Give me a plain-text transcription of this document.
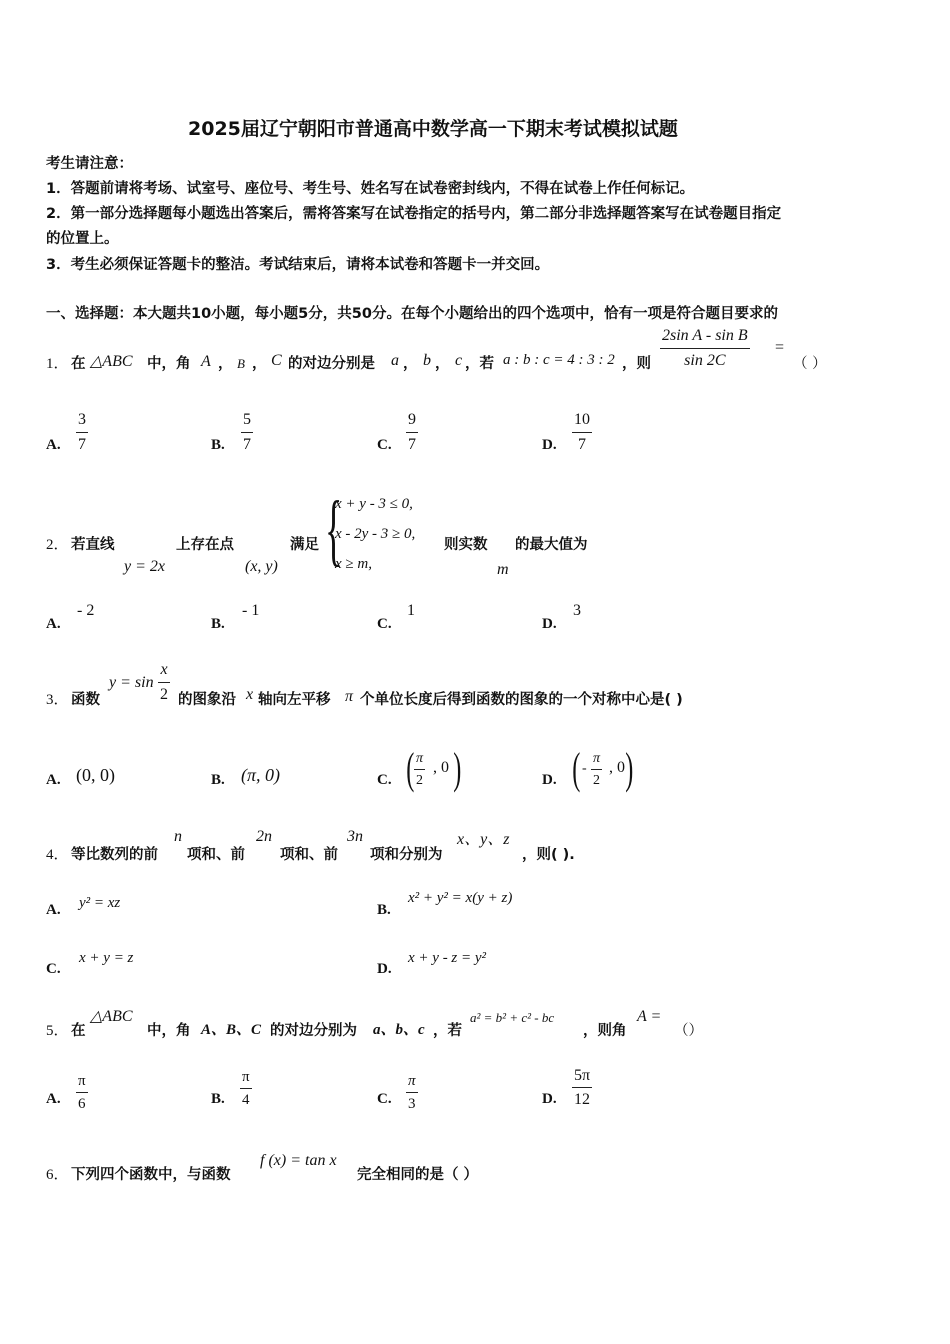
2025届辽宁朝阳市普通高中数学高一下期末考试模拟试题
考生请注意：
1．答题前请将考场、试室号、座位号、考生号、姓名写在试卷密封线内，不得在试卷上作任何标记。
2．第一部分选择题每小题选出答案后，需将答案写在试卷指定的括号内，第二部分非选择题答案写在试卷题目指定
的位置上。
3．考生必须保证答题卡的整洁。考试结束后，请将本试卷和答题卡一并交回。
一、选择题：本大题共10小题，每小题5分，共50分。在每个小题给出的四个选项中，恰有一项是符合题目要求的
1． 在 △ABC 中，角 A ， B ， C 的对边分别是 a ， b ， c ，若 a : b : c = 4 : 3 : 2 ，则
2sin A - sin B
sin 2C
=
（ ）
A.
3
7	B.
5
7	C.
9
7	D.
10
7
2． 若直线
y = 2x
上存在点
(x, y)
满足 {
x + y - 3 ≤ 0,
x - 2y - 3 ≥ 0,
x ≥ m,
则实数
m
的最大值为
A.
- 2
B.
- 1
C.
1
D.
3
3． 函数
y = sin
x
2 的图象沿 x 轴向左平移 π 个单位长度后得到函数的图象的一个对称中心是( )
A. (0, 0)	B. (π, 0)	C. ( π
2
, 0 )	D. ( -
π
2
, 0 )
4． 等比数列的前
n
项和、前
2n
项和、前
3n
项和分别为
x、y、z
，则( ).
A. y² = xz	B.
x² + y² = x(y + z)
C.
x + y = z
D.
x + y - z = y²
5． 在
△ABC
中，角 A、B、C 的对边分别为 a、b、c ，若
a² = b² + c² - bc
，则角
A =
（）
A.
π
6	B.
π
4	C.
π
3	D.
5π
12
6． 下列四个函数中，与函数
f (x) = tan x
完全相同的是（ ）
